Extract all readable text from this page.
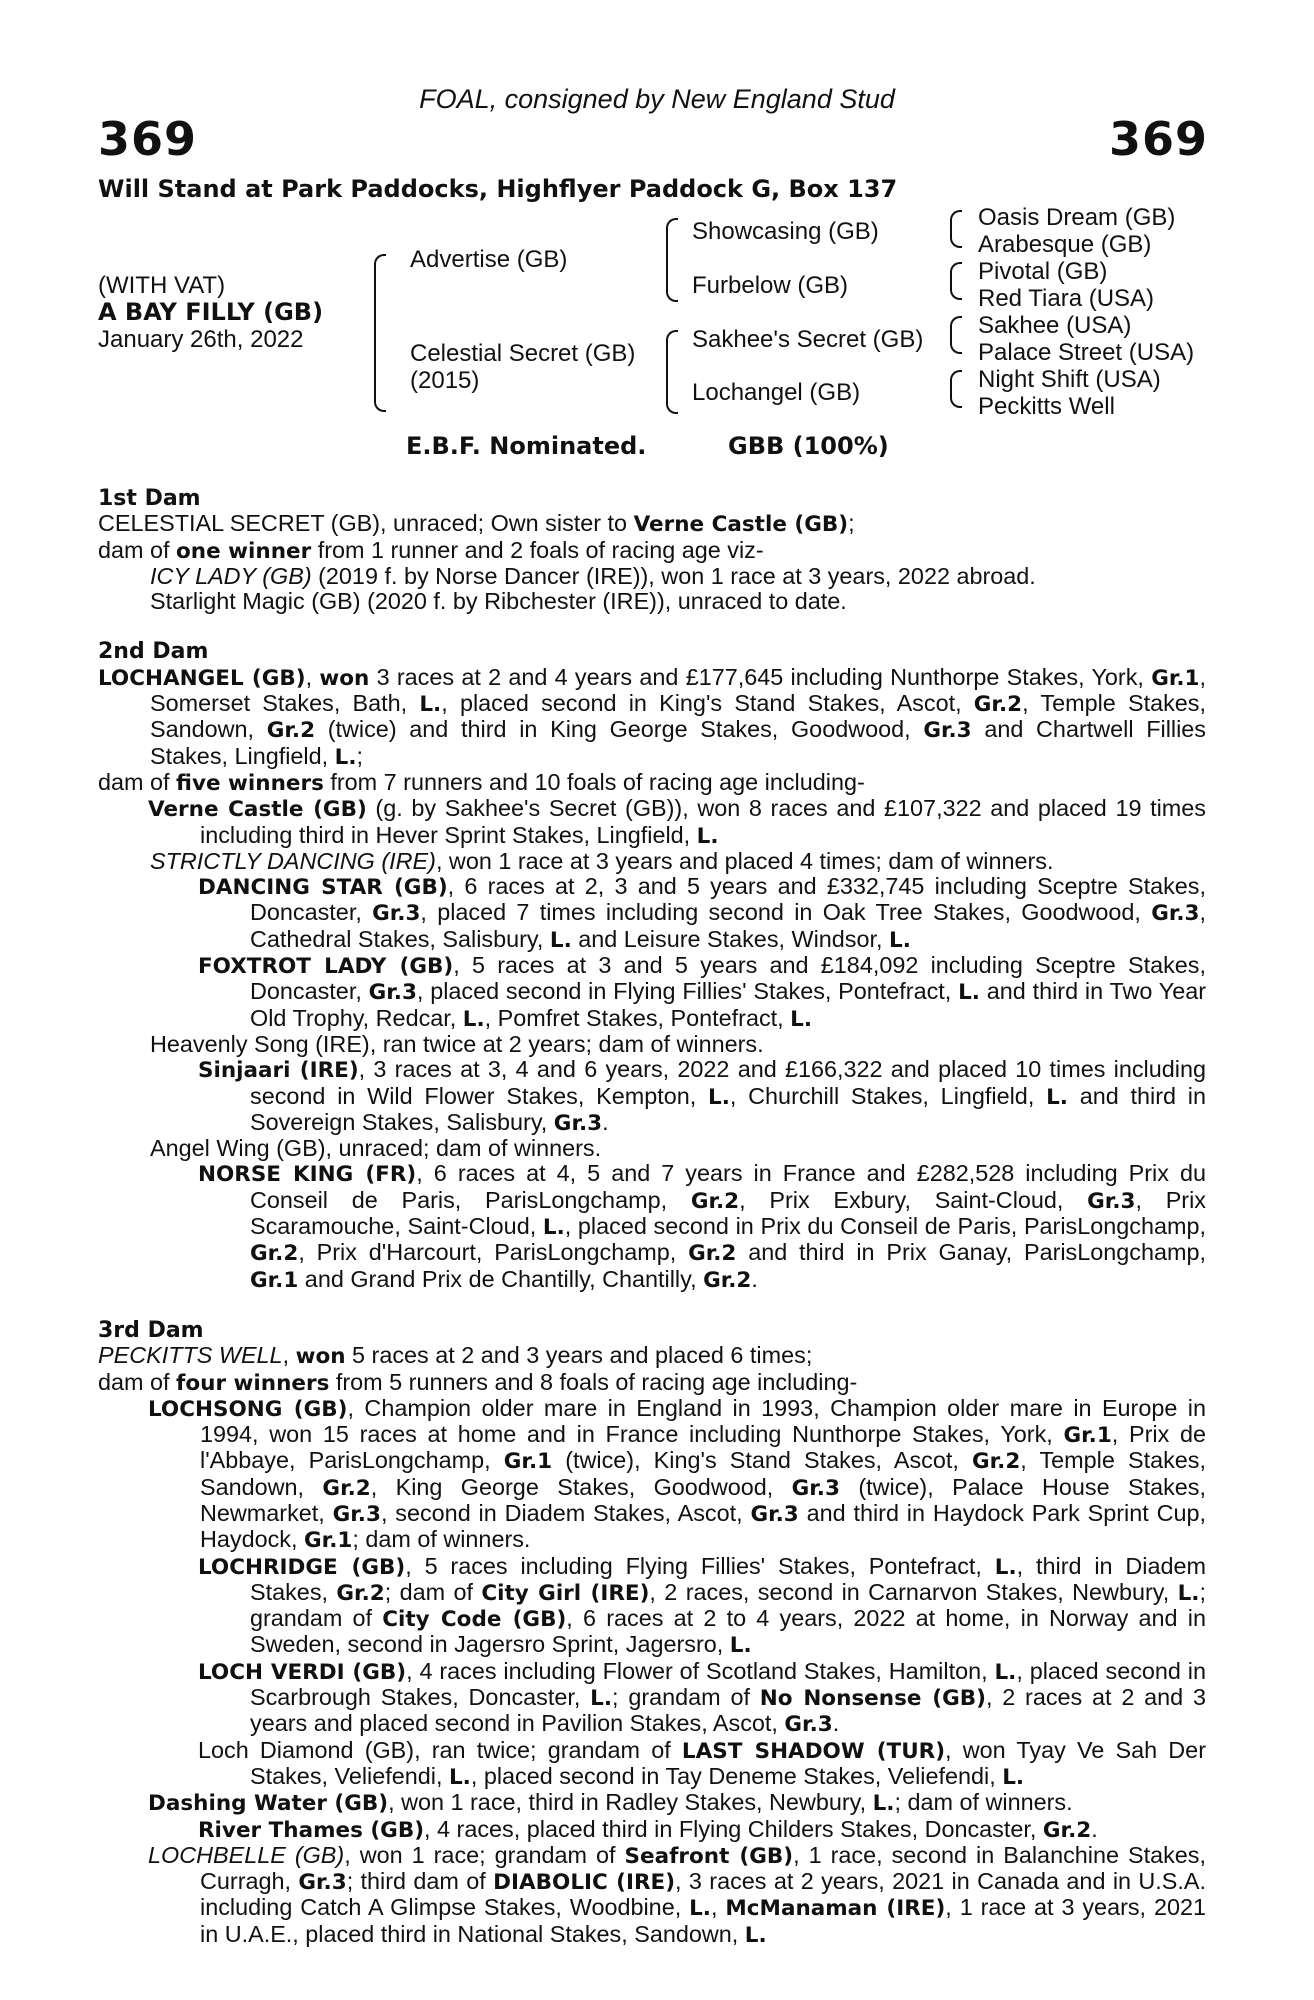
FOAL, consigned by New England Stud
369	369
Will Stand at Park Paddocks, Highflyer Paddock G, Box 137
(WITH VAT)
A BAY FILLY (GB)
January 26th, 2022
Advertise (GB)
Celestial Secret (GB)
(2015)
Showcasing (GB)
Furbelow (GB)
Sakhee's Secret (GB)
Lochangel (GB)
Oasis Dream (GB)
Arabesque (GB)
Pivotal (GB)
Red Tiara (USA)
Sakhee (USA)
Palace Street (USA)
Night Shift (USA)
Peckitts Well
E.B.F. Nominated.	GBB (100%)
1st Dam
CELESTIAL SECRET (GB), unraced; Own sister to Verne Castle (GB);
dam of one winner from 1 runner and 2 foals of racing age viz-
ICY LADY (GB) (2019 f. by Norse Dancer (IRE)), won 1 race at 3 years, 2022 abroad.
Starlight Magic (GB) (2020 f. by Ribchester (IRE)), unraced to date.
2nd Dam
LOCHANGEL (GB), won 3 races at 2 and 4 years and £177,645 including Nunthorpe Stakes, York, Gr.1, Somerset Stakes, Bath, L., placed second in King's Stand Stakes, Ascot, Gr.2, Temple Stakes, Sandown, Gr.2 (twice) and third in King George Stakes, Goodwood, Gr.3 and Chartwell Fillies Stakes, Lingfield, L.;
dam of five winners from 7 runners and 10 foals of racing age including-
Verne Castle (GB) (g. by Sakhee's Secret (GB)), won 8 races and £107,322 and placed 19 times including third in Hever Sprint Stakes, Lingfield, L.
STRICTLY DANCING (IRE), won 1 race at 3 years and placed 4 times; dam of winners.
DANCING STAR (GB), 6 races at 2, 3 and 5 years and £332,745 including Sceptre Stakes, Doncaster, Gr.3, placed 7 times including second in Oak Tree Stakes, Goodwood, Gr.3, Cathedral Stakes, Salisbury, L. and Leisure Stakes, Windsor, L.
FOXTROT LADY (GB), 5 races at 3 and 5 years and £184,092 including Sceptre Stakes, Doncaster, Gr.3, placed second in Flying Fillies' Stakes, Pontefract, L. and third in Two Year Old Trophy, Redcar, L., Pomfret Stakes, Pontefract, L.
Heavenly Song (IRE), ran twice at 2 years; dam of winners.
Sinjaari (IRE), 3 races at 3, 4 and 6 years, 2022 and £166,322 and placed 10 times including second in Wild Flower Stakes, Kempton, L., Churchill Stakes, Lingfield, L. and third in Sovereign Stakes, Salisbury, Gr.3.
Angel Wing (GB), unraced; dam of winners.
NORSE KING (FR), 6 races at 4, 5 and 7 years in France and £282,528 including Prix du Conseil de Paris, ParisLongchamp, Gr.2, Prix Exbury, Saint-Cloud, Gr.3, Prix Scaramouche, Saint-Cloud, L., placed second in Prix du Conseil de Paris, ParisLongchamp, Gr.2, Prix d'Harcourt, ParisLongchamp, Gr.2 and third in Prix Ganay, ParisLongchamp, Gr.1 and Grand Prix de Chantilly, Chantilly, Gr.2.
3rd Dam
PECKITTS WELL, won 5 races at 2 and 3 years and placed 6 times;
dam of four winners from 5 runners and 8 foals of racing age including-
LOCHSONG (GB), Champion older mare in England in 1993, Champion older mare in Europe in 1994, won 15 races at home and in France including Nunthorpe Stakes, York, Gr.1, Prix de l'Abbaye, ParisLongchamp, Gr.1 (twice), King's Stand Stakes, Ascot, Gr.2, Temple Stakes, Sandown, Gr.2, King George Stakes, Goodwood, Gr.3 (twice), Palace House Stakes, Newmarket, Gr.3, second in Diadem Stakes, Ascot, Gr.3 and third in Haydock Park Sprint Cup, Haydock, Gr.1; dam of winners.
LOCHRIDGE (GB), 5 races including Flying Fillies' Stakes, Pontefract, L., third in Diadem Stakes, Gr.2; dam of City Girl (IRE), 2 races, second in Carnarvon Stakes, Newbury, L.; grandam of City Code (GB), 6 races at 2 to 4 years, 2022 at home, in Norway and in Sweden, second in Jagersro Sprint, Jagersro, L.
LOCH VERDI (GB), 4 races including Flower of Scotland Stakes, Hamilton, L., placed second in Scarbrough Stakes, Doncaster, L.; grandam of No Nonsense (GB), 2 races at 2 and 3 years and placed second in Pavilion Stakes, Ascot, Gr.3.
Loch Diamond (GB), ran twice; grandam of LAST SHADOW (TUR), won Tyay Ve Sah Der Stakes, Veliefendi, L., placed second in Tay Deneme Stakes, Veliefendi, L.
Dashing Water (GB), won 1 race, third in Radley Stakes, Newbury, L.; dam of winners.
River Thames (GB), 4 races, placed third in Flying Childers Stakes, Doncaster, Gr.2.
LOCHBELLE (GB), won 1 race; grandam of Seafront (GB), 1 race, second in Balanchine Stakes, Curragh, Gr.3; third dam of DIABOLIC (IRE), 3 races at 2 years, 2021 in Canada and in U.S.A. including Catch A Glimpse Stakes, Woodbine, L., McManaman (IRE), 1 race at 3 years, 2021 in U.A.E., placed third in National Stakes, Sandown, L.
